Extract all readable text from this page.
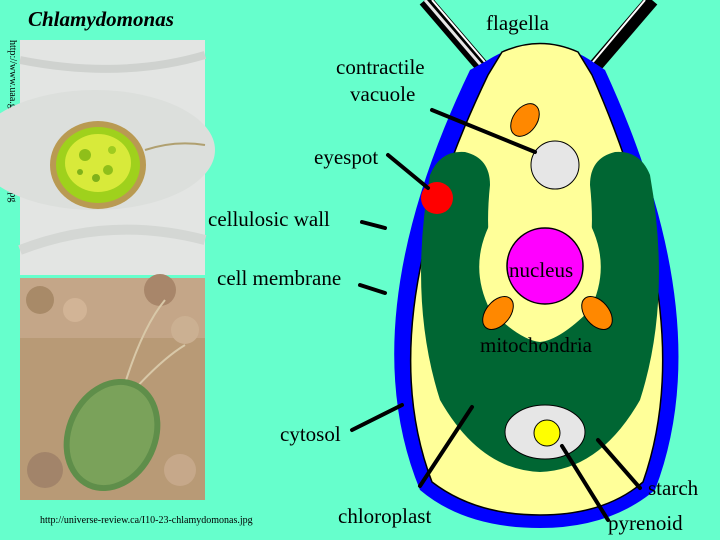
Chlamydomonas
http://universe-review.ca/I10-23-chlamydomonas.jpg
flagella
contractile
vacuole
eyespot
cellulosic wall
cell membrane	nucleus
mitochondria
cytosol
starch
chloroplast	pyrenoid
